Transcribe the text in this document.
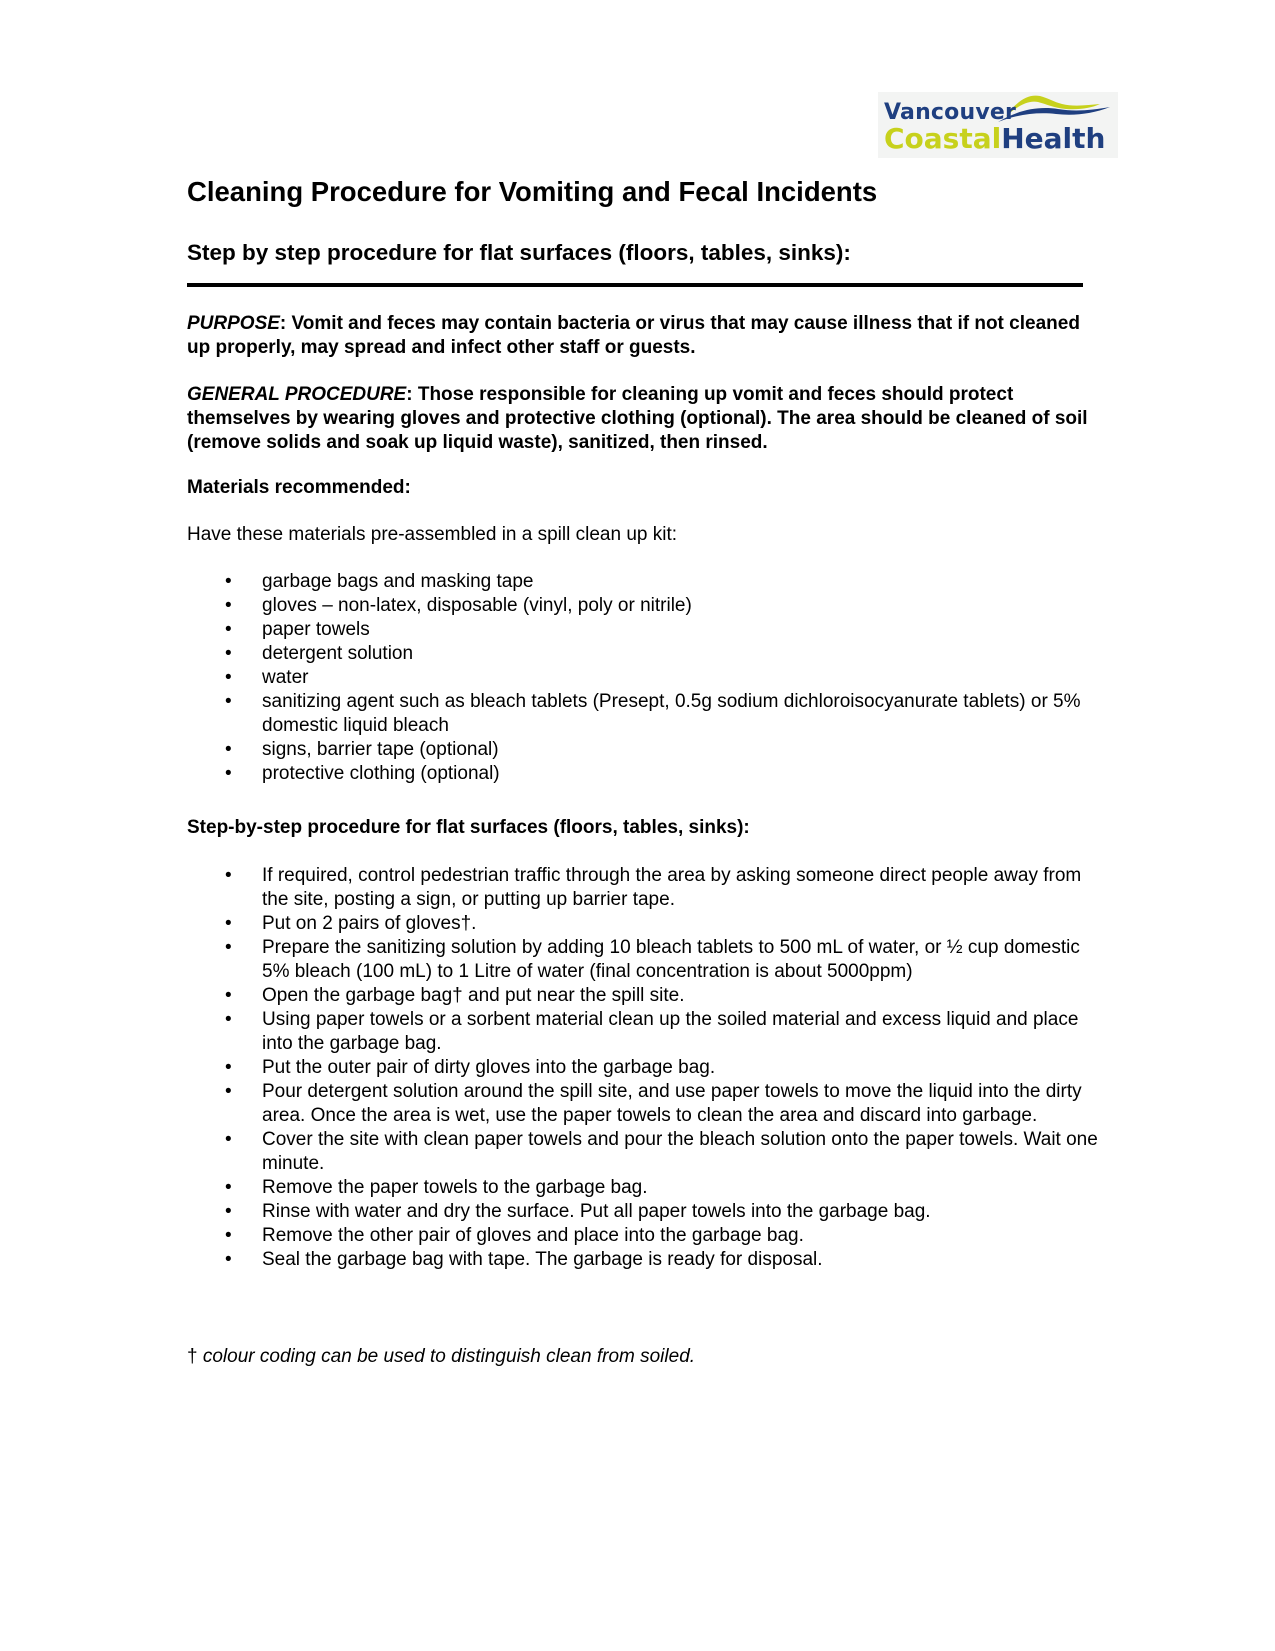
Vancouver
CoastalHealth
Cleaning Procedure for Vomiting and Fecal Incidents
Step by step procedure for flat surfaces (floors, tables, sinks):
PURPOSE: Vomit and feces may contain bacteria or virus that may cause illness that if not cleaned up properly, may spread and infect other staff or guests.
GENERAL PROCEDURE: Those responsible for cleaning up vomit and feces should protect themselves by wearing gloves and protective clothing (optional). The area should be cleaned of soil (remove solids and soak up liquid waste), sanitized, then rinsed.
Materials recommended:
Have these materials pre-assembled in a spill clean up kit:
• garbage bags and masking tape
• gloves – non-latex, disposable (vinyl, poly or nitrile)
• paper towels
• detergent solution
• water
• sanitizing agent such as bleach tablets (Presept, 0.5g sodium dichloroisocyanurate tablets) or 5% domestic liquid bleach
• signs, barrier tape (optional)
• protective clothing (optional)
Step-by-step procedure for flat surfaces (floors, tables, sinks):
• If required, control pedestrian traffic through the area by asking someone direct people away from the site, posting a sign, or putting up barrier tape.
• Put on 2 pairs of gloves†.
• Prepare the sanitizing solution by adding 10 bleach tablets to 500 mL of water, or ½ cup domestic 5% bleach (100 mL) to 1 Litre of water (final concentration is about 5000ppm)
• Open the garbage bag† and put near the spill site.
• Using paper towels or a sorbent material clean up the soiled material and excess liquid and place into the garbage bag.
• Put the outer pair of dirty gloves into the garbage bag.
• Pour detergent solution around the spill site, and use paper towels to move the liquid into the dirty area. Once the area is wet, use the paper towels to clean the area and discard into garbage.
• Cover the site with clean paper towels and pour the bleach solution onto the paper towels. Wait one minute.
• Remove the paper towels to the garbage bag.
• Rinse with water and dry the surface. Put all paper towels into the garbage bag.
• Remove the other pair of gloves and place into the garbage bag.
• Seal the garbage bag with tape. The garbage is ready for disposal.
† colour coding can be used to distinguish clean from soiled.
